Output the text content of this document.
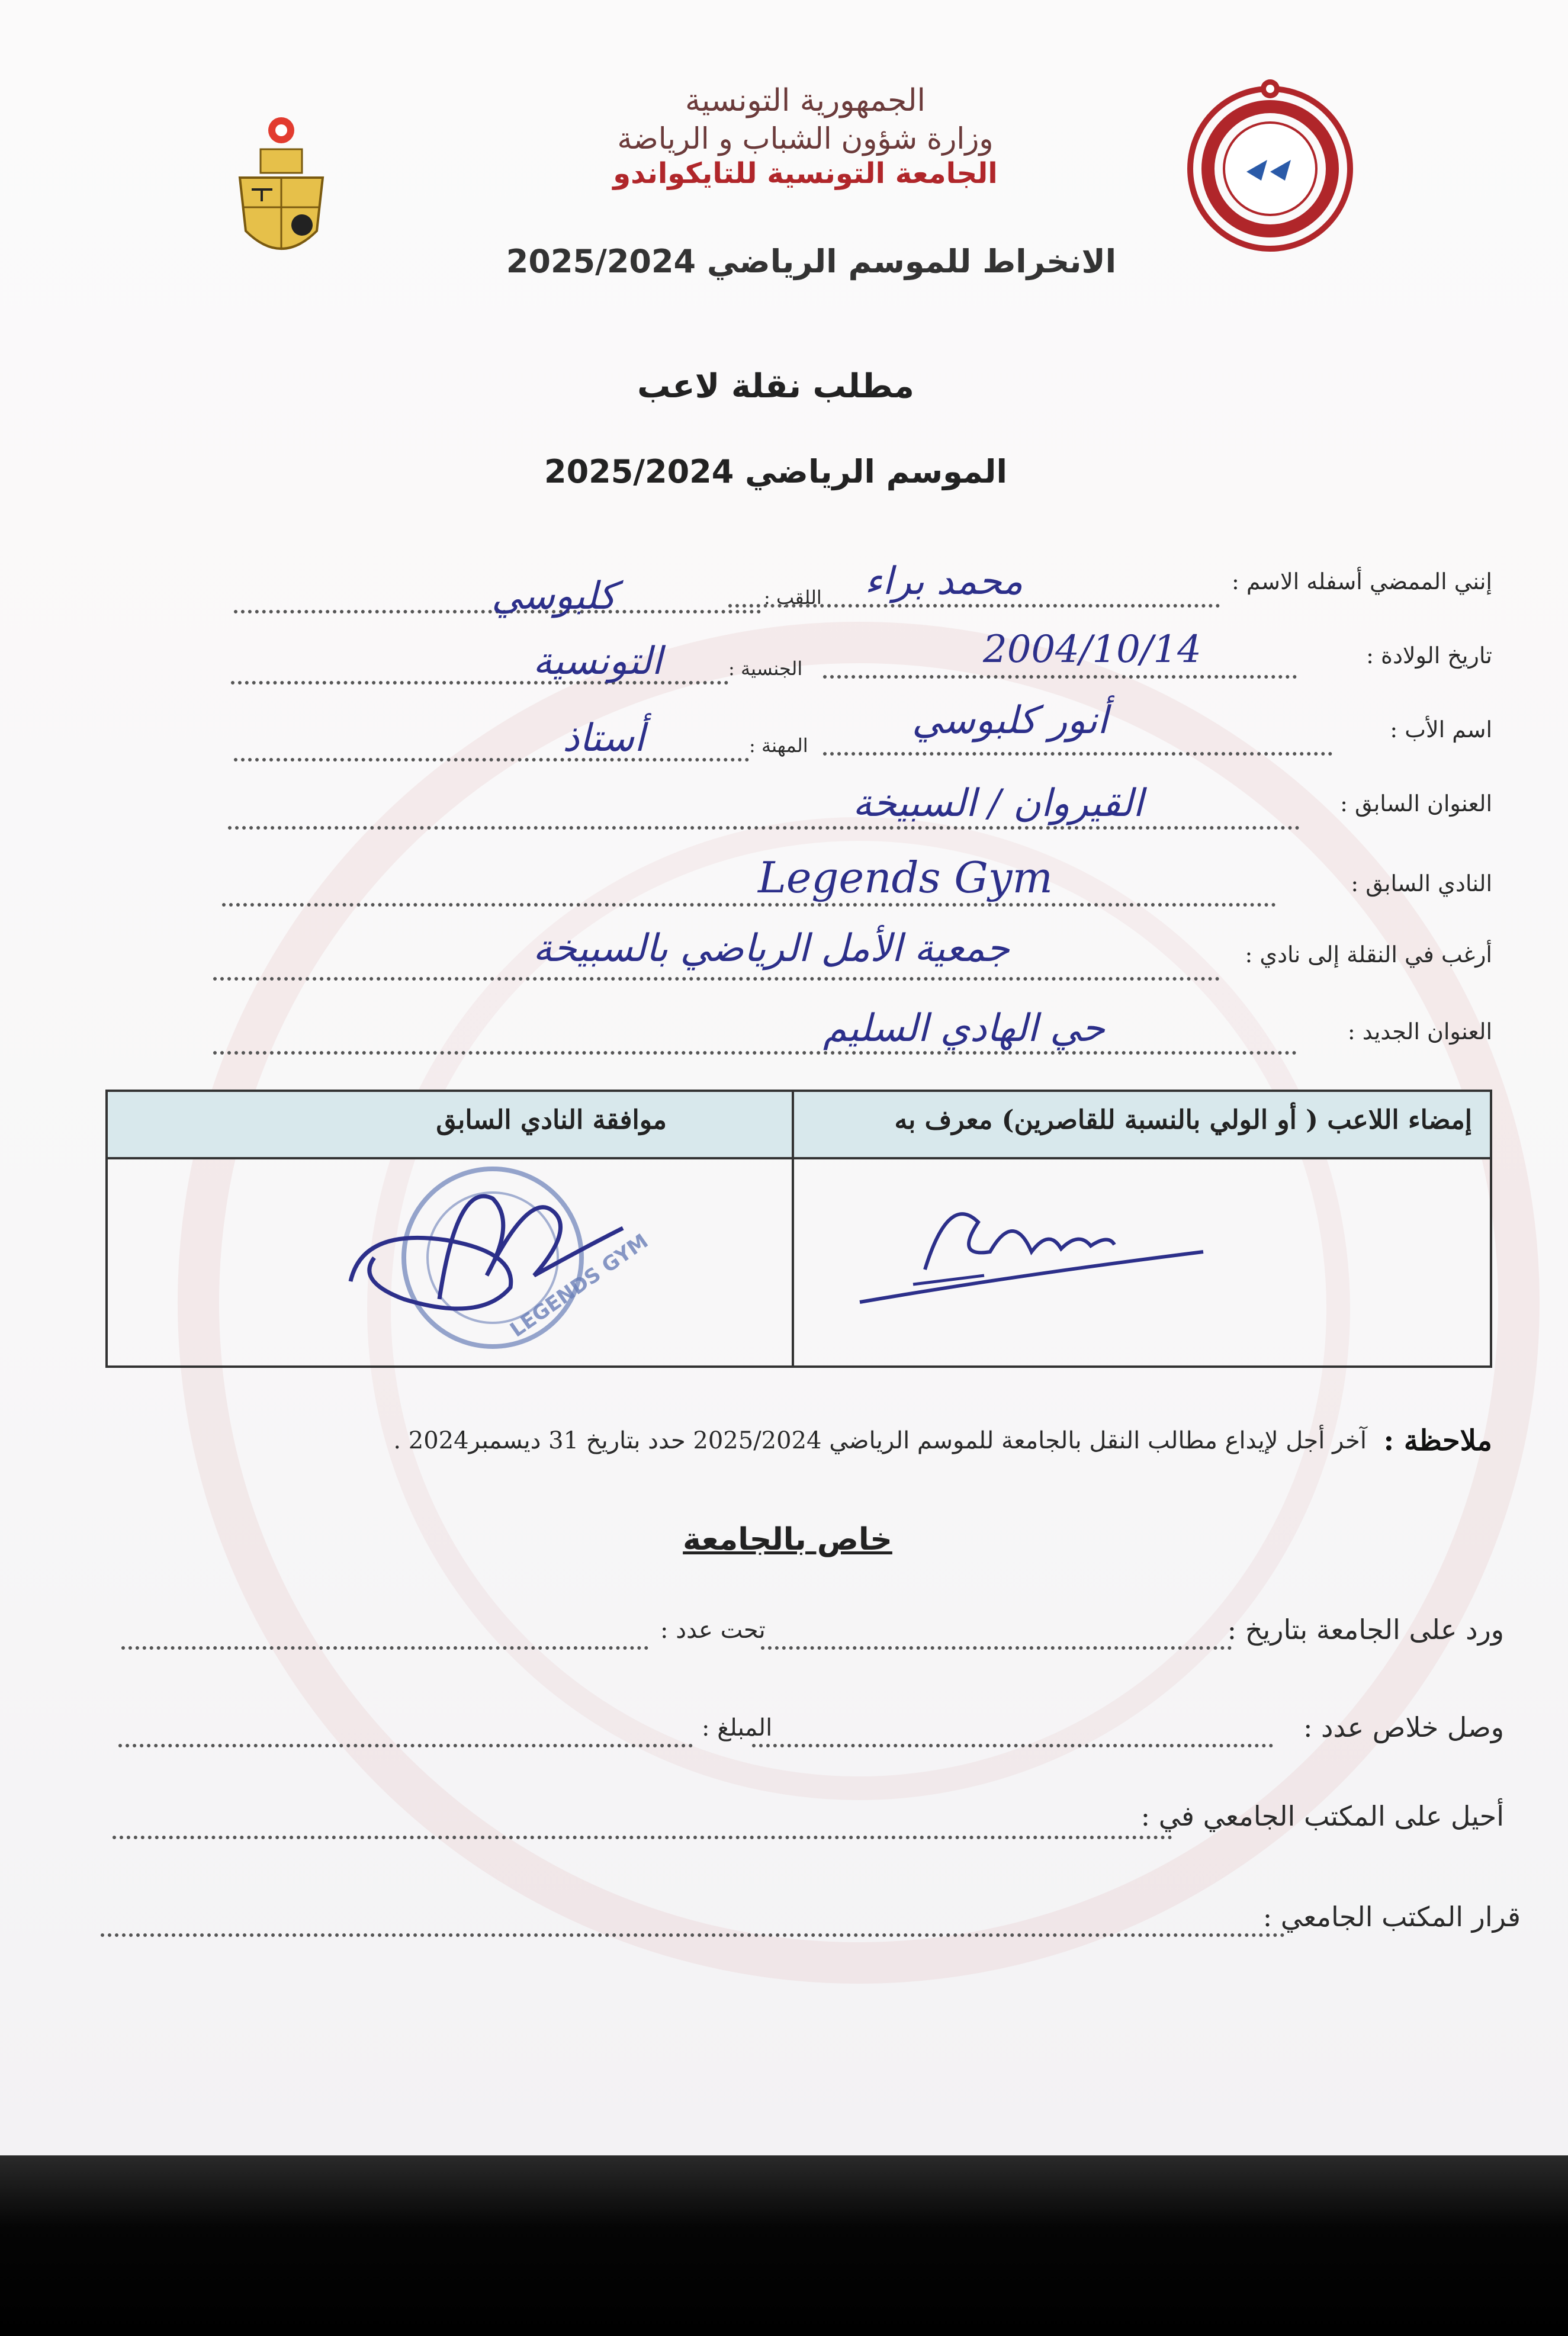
الجمهورية التونسية
وزارة شؤون الشباب و الرياضة
الجامعة التونسية للتايكواندو
الانخراط للموسم الرياضي 2025/2024
مطلب نقلة لاعب
الموسم الرياضي 2025/2024
إنني الممضي أسفله الاسم :
محمد براء
اللقب :
كلبوسي
تاريخ الولادة :
2004/10/14
الجنسية :
التونسية
اسم الأب :
أنور كلبوسي
المهنة :
أستاذ
العنوان السابق :
القيروان / السبيخة
النادي السابق :
Legends Gym
أرغب في النقلة إلى نادي :
جمعية الأمل الرياضي بالسبيخة
العنوان الجديد :
حي الهادي السليم
إمضاء اللاعب ( أو الولي بالنسبة للقاصرين) معرف به
موافقة النادي السابق
LEGENDS GYM
ملاحظة :
آخر أجل لإيداع مطالب النقل بالجامعة للموسم الرياضي 2025/2024 حدد بتاريخ 31 ديسمبر2024 .
خاص بالجامعة
ورد على الجامعة بتاريخ :
تحت عدد :
وصل خلاص عدد :
المبلغ :
أحيل على المكتب الجامعي في :
قرار المكتب الجامعي :
